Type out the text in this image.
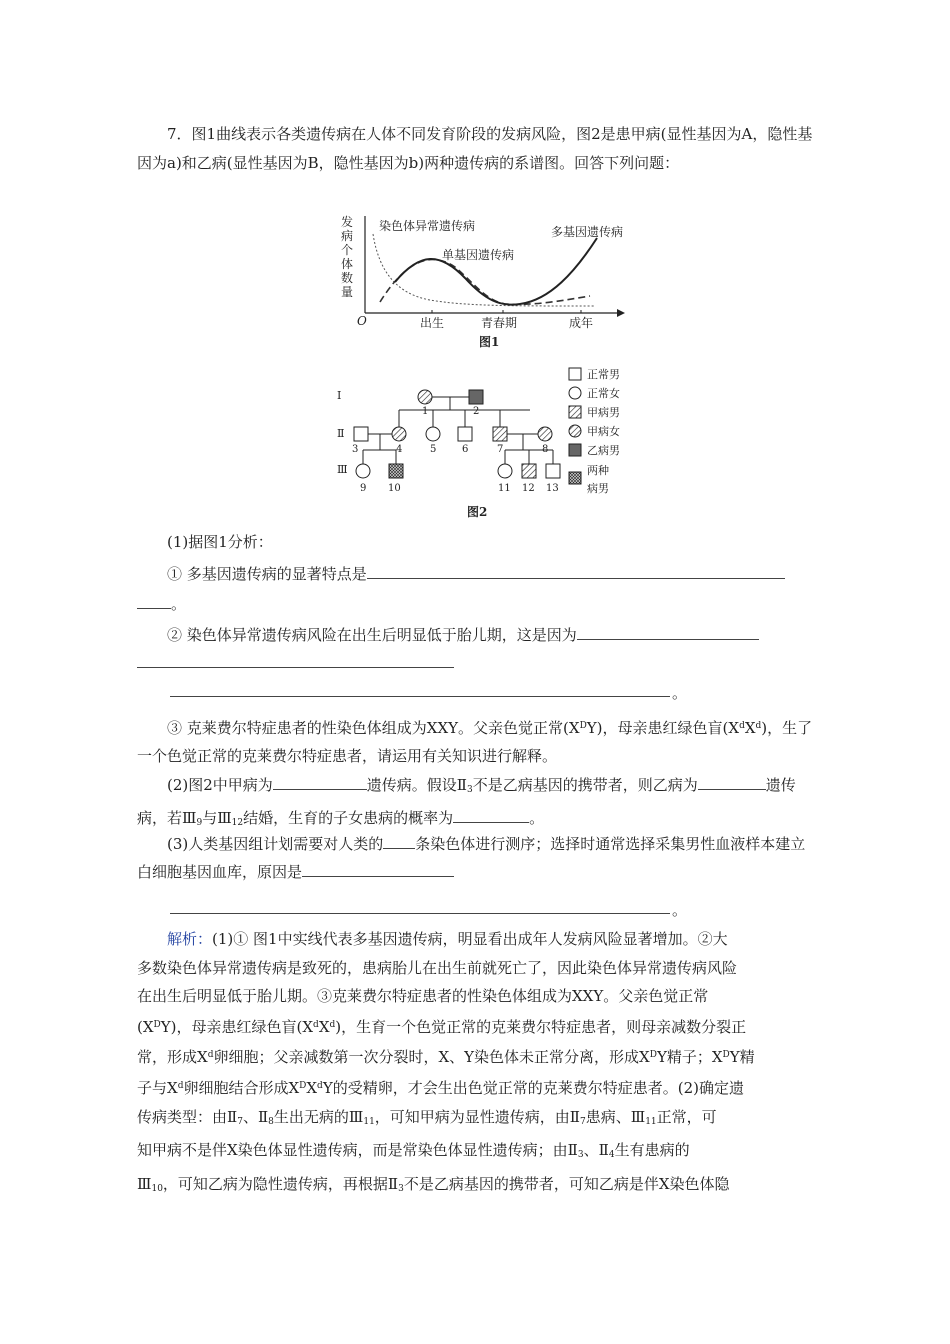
7．图1曲线表示各类遗传病在人体不同发育阶段的发病风险，图2是患甲病(显性基因为A，隐性基因为a)和乙病(显性基因为B，隐性基因为b)两种遗传病的系谱图。回答下列问题：

发
病
个
体
数
量
O	出生	青春期	成年
染色体异常遗传病
单基因遗传病
多基因遗传病
图1
Ⅰ
Ⅱ
Ⅲ
1	2
3	4	5	6	7	8
9 10	11 12 13
正常男
正常女
甲病男
甲病女
乙病男
两种
病男
图2

(1)据图1分析：

① 多基因遗传病的显著特点是

。

② 染色体异常遗传病风险在出生后明显低于胎儿期，这是因为

。

③ 克莱费尔特症患者的性染色体组成为XXY。父亲色觉正常$(X^DY)$，母亲患红绿色盲$(X^dX^d)$，生了一个色觉正常的克莱费尔特症患者，请运用有关知识进行解释。

(2)图2中甲病为	遗传病。假设$Ⅱ_3$不是乙病基因的携带者，则乙病为	遗传病，若$Ⅲ_9$与$Ⅲ_{12}$结婚，生育的子女患病的概率为	。

(3)人类基因组计划需要对人类的 条染色体进行测序；选择时通常选择采集男性血液样本建立白细胞基因血库，原因是

。
解析：(1)① 图1中实线代表多基因遗传病，明显看出成年人发病风险显著增加。②大
多数染色体异常遗传病是致死的，患病胎儿在出生前就死亡了，因此染色体异常遗传病风险
在出生后明显低于胎儿期。③克莱费尔特症患者的性染色体组成为XXY。父亲色觉正常
$(X^DY)$，母亲患红绿色盲$(X^dX^d)$，生育一个色觉正常的克莱费尔特症患者，则母亲减数分裂正
常，形成$X^d$卵细胞；父亲减数第一次分裂时，X、Y染色体未正常分离，形成$X^DY$精子；$X^DY$精
子与$X^d$卵细胞结合形成$X^DX^dY$的受精卵，才会生出色觉正常的克莱费尔特症患者。(2)确定遗
传病类型：由$Ⅱ_7$、$Ⅱ_8$生出无病的$Ⅲ_{11}$，可知甲病为显性遗传病，由$Ⅱ_7$患病、$Ⅲ_{11}$正常，可
知甲病不是伴X染色体显性遗传病，而是常染色体显性遗传病；由$Ⅱ_3$、$Ⅱ_4$生有患病的
$Ⅲ_{10}$，可知乙病为隐性遗传病，再根据$Ⅱ_3$不是乙病基因的携带者，可知乙病是伴X染色体隐
